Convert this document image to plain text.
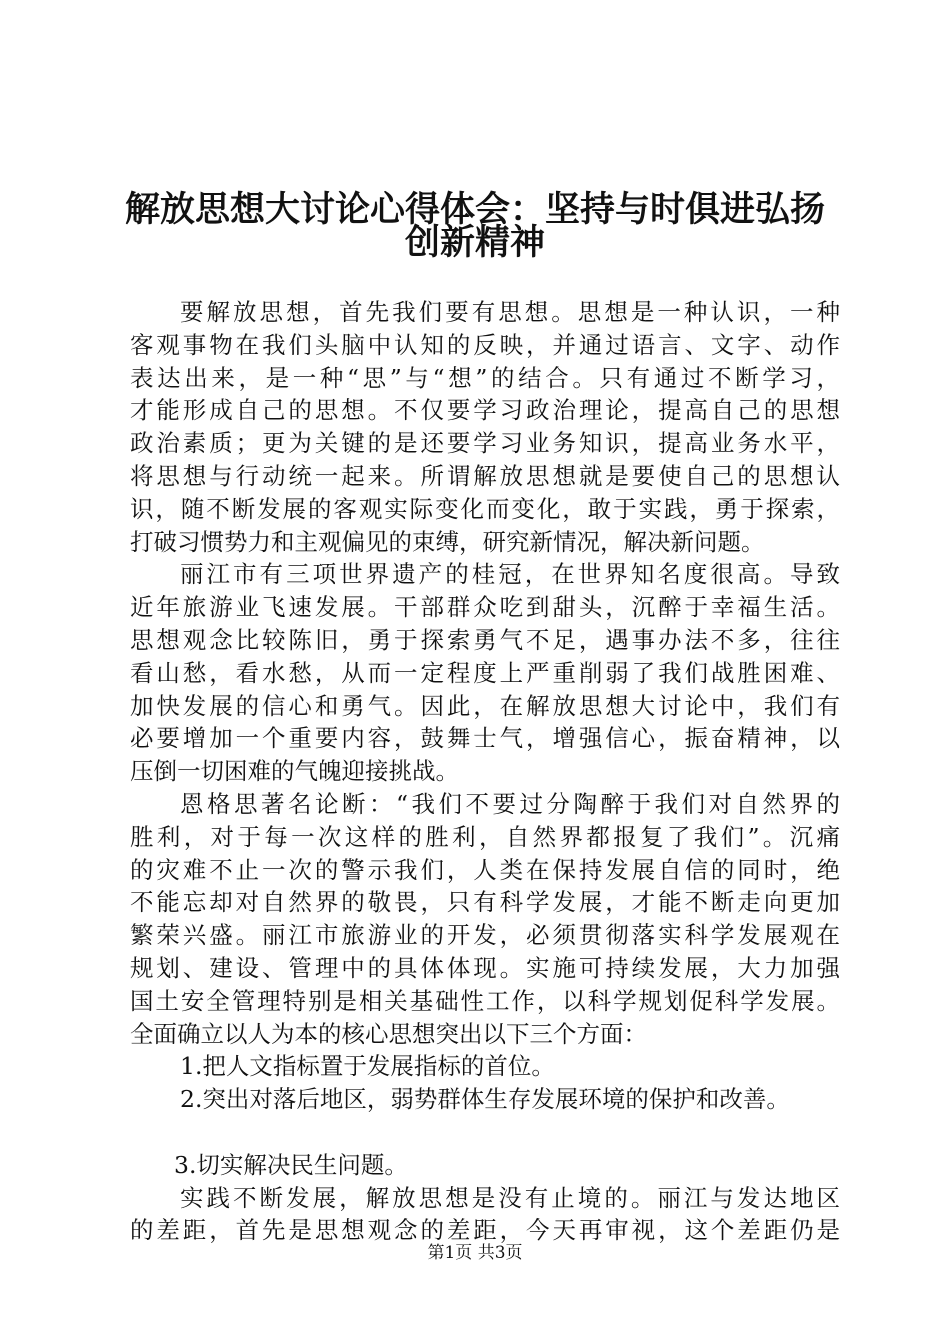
解放思想大讨论心得体会：坚持与时俱进弘扬
创新精神
要解放思想，首先我们要有思想。思想是一种认识，一种
客观事物在我们头脑中认知的反映，并通过语言、文字、动作
表达出来，是一种“思”与“想”的结合。只有通过不断学习，
才能形成自己的思想。不仅要学习政治理论，提高自己的思想
政治素质；更为关键的是还要学习业务知识，提高业务水平，
将思想与行动统一起来。所谓解放思想就是要使自己的思想认
识，随不断发展的客观实际变化而变化，敢于实践，勇于探索，
打破习惯势力和主观偏见的束缚，研究新情况，解决新问题。
丽江市有三项世界遗产的桂冠，在世界知名度很高。导致
近年旅游业飞速发展。干部群众吃到甜头，沉醉于幸福生活。
思想观念比较陈旧，勇于探索勇气不足，遇事办法不多，往往
看山愁，看水愁，从而一定程度上严重削弱了我们战胜困难、
加快发展的信心和勇气。因此，在解放思想大讨论中，我们有
必要增加一个重要内容，鼓舞士气，增强信心，振奋精神，以
压倒一切困难的气魄迎接挑战。
恩格思著名论断：“我们不要过分陶醉于我们对自然界的
胜利，对于每一次这样的胜利，自然界都报复了我们”。沉痛
的灾难不止一次的警示我们，人类在保持发展自信的同时，绝
不能忘却对自然界的敬畏，只有科学发展，才能不断走向更加
繁荣兴盛。丽江市旅游业的开发，必须贯彻落实科学发展观在
规划、建设、管理中的具体体现。实施可持续发展，大力加强
国土安全管理特别是相关基础性工作，以科学规划促科学发展。
全面确立以人为本的核心思想突出以下三个方面：
1.把人文指标置于发展指标的首位。
2.突出对落后地区，弱势群体生存发展环境的保护和改善。
3.切实解决民生问题。
实践不断发展，解放思想是没有止境的。丽江与发达地区
的差距，首先是思想观念的差距，今天再审视，这个差距仍是
第1页 共3页
